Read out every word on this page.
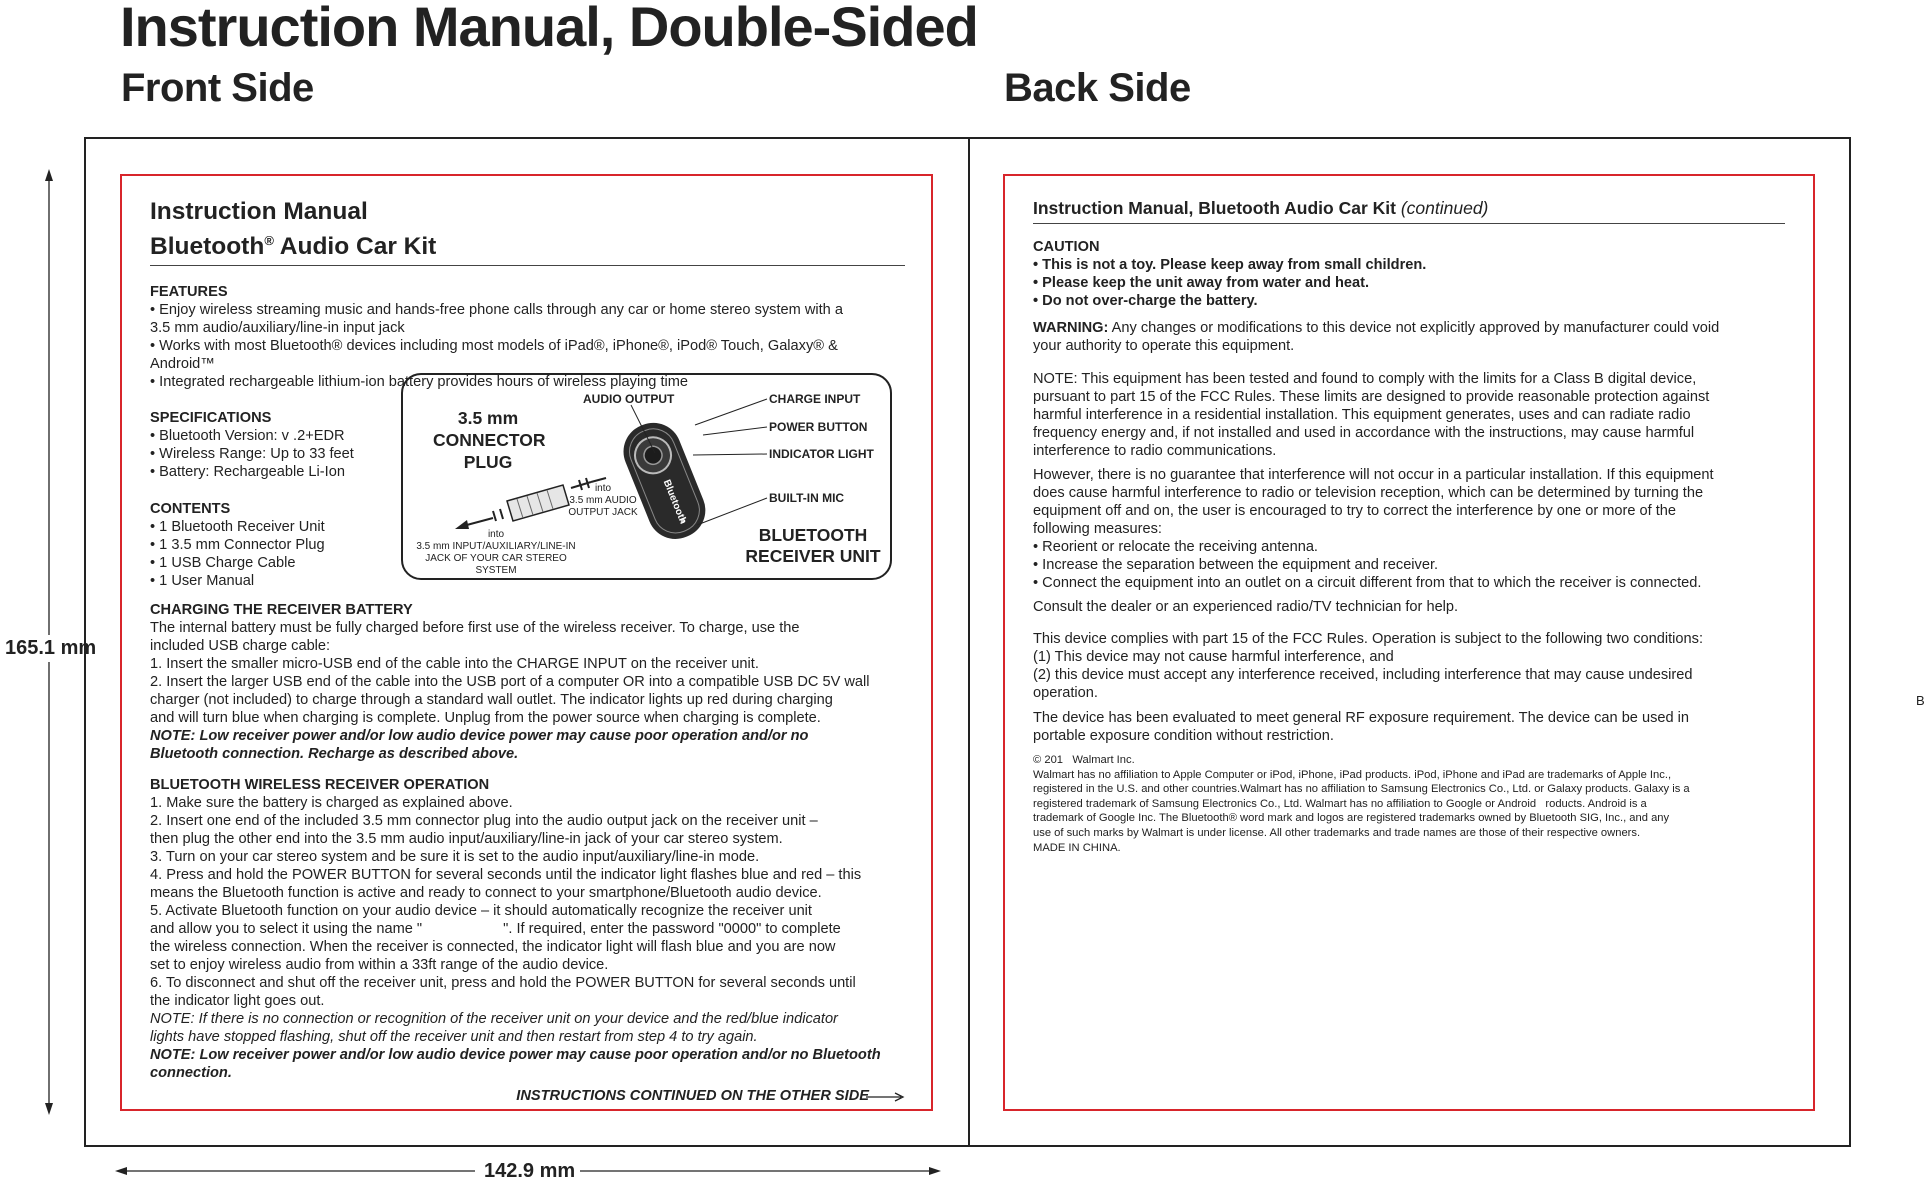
Instruction Manual, Double-Sided
Front Side	Back Side
165.1 mm
142.9 mm
B
Instruction Manual
Bluetooth® Audio Car Kit
FEATURES
• Enjoy wireless streaming music and hands-free phone calls through any car or home stereo system with a
3.5 mm audio/auxiliary/line-in input jack
• Works with most Bluetooth® devices including most models of iPad®, iPhone®, iPod® Touch, Galaxy® & Android™
• Integrated rechargeable lithium-ion battery provides hours of wireless playing time
SPECIFICATIONS
• Bluetooth Version: v .2+EDR
• Wireless Range: Up to 33 feet
• Battery: Rechargeable Li-Ion
CONTENTS
• 1 Bluetooth Receiver Unit
• 1 3.5 mm Connector Plug
• 1 USB Charge Cable
• 1 User Manual
CHARGING THE RECEIVER BATTERY
The internal battery must be fully charged before first use of the wireless receiver. To charge, use the
included USB charge cable:
1. Insert the smaller micro-USB end of the cable into the CHARGE INPUT on the receiver unit.
2. Insert the larger USB end of the cable into the USB port of a computer OR into a compatible USB DC 5V wall
charger (not included) to charge through a standard wall outlet. The indicator lights up red during charging
and will turn blue when charging is complete. Unplug from the power source when charging is complete.
NOTE: Low receiver power and/or low audio device power may cause poor operation and/or no
Bluetooth connection. Recharge as described above.
BLUETOOTH WIRELESS RECEIVER OPERATION
1. Make sure the battery is charged as explained above.
2. Insert one end of the included 3.5 mm connector plug into the audio output jack on the receiver unit –
then plug the other end into the 3.5 mm audio input/auxiliary/line-in jack of your car stereo system.
3. Turn on your car stereo system and be sure it is set to the audio input/auxiliary/line-in mode.
4. Press and hold the POWER BUTTON for several seconds until the indicator light flashes blue and red – this
means the Bluetooth function is active and ready to connect to your smartphone/Bluetooth audio device.
5. Activate Bluetooth function on your audio device – it should automatically recognize the receiver unit
and allow you to select it using the name "                    ". If required, enter the password "0000" to complete
the wireless connection. When the receiver is connected, the indicator light will flash blue and you are now
set to enjoy wireless audio from within a 33ft range of the audio device.
6. To disconnect and shut off the receiver unit, press and hold the POWER BUTTON for several seconds until
the indicator light goes out.
NOTE: If there is no connection or recognition of the receiver unit on your device and the red/blue indicator
lights have stopped flashing, shut off the receiver unit and then restart from step 4 to try again.
NOTE: Low receiver power and/or low audio device power may cause poor operation and/or no Bluetooth
connection.
INSTRUCTIONS CONTINUED ON THE OTHER SIDE
3.5 mm
CONNECTOR
PLUG
AUDIO OUTPUT	CHARGE INPUT
POWER BUTTON
INDICATOR LIGHT
BUILT-IN MIC
into
3.5 mm AUDIO
OUTPUT JACK
into
3.5 mm INPUT/AUXILIARY/LINE-IN
JACK OF YOUR CAR STEREO SYSTEM
BLUETOOTH
RECEIVER UNIT
Bluetooth
Instruction Manual, Bluetooth Audio Car Kit (continued)
CAUTION
• This is not a toy. Please keep away from small children.
• Please keep the unit away from water and heat.
• Do not over-charge the battery.
WARNING: Any changes or modifications to this device not explicitly approved by manufacturer could void
your authority to operate this equipment.
NOTE: This equipment has been tested and found to comply with the limits for a Class B digital device,
pursuant to part 15 of the FCC Rules. These limits are designed to provide reasonable protection against
harmful interference in a residential installation. This equipment generates, uses and can radiate radio
frequency energy and, if not installed and used in accordance with the instructions, may cause harmful
interference to radio communications.
However, there is no guarantee that interference will not occur in a particular installation. If this equipment
does cause harmful interference to radio or television reception, which can be determined by turning the
equipment off and on, the user is encouraged to try to correct the interference by one or more of the
following measures:
• Reorient or relocate the receiving antenna.
• Increase the separation between the equipment and receiver.
• Connect the equipment into an outlet on a circuit different from that to which the receiver is connected.
Consult the dealer or an experienced radio/TV technician for help.
This device complies with part 15 of the FCC Rules. Operation is subject to the following two conditions:
(1) This device may not cause harmful interference, and
(2) this device must accept any interference received, including interference that may cause undesired
operation.
The device has been evaluated to meet general RF exposure requirement. The device can be used in
portable exposure condition without restriction.
© 201   Walmart Inc.
Walmart has no affiliation to Apple Computer or iPod, iPhone, iPad products. iPod, iPhone and iPad are trademarks of Apple Inc.,
registered in the U.S. and other countries.Walmart has no affiliation to Samsung Electronics Co., Ltd. or Galaxy products. Galaxy is a
registered trademark of Samsung Electronics Co., Ltd. Walmart has no affiliation to Google or Android   roducts. Android is a
trademark of Google Inc. The Bluetooth® word mark and logos are registered trademarks owned by Bluetooth SIG, Inc., and any
use of such marks by Walmart is under license. All other trademarks and trade names are those of their respective owners.
MADE IN CHINA.
